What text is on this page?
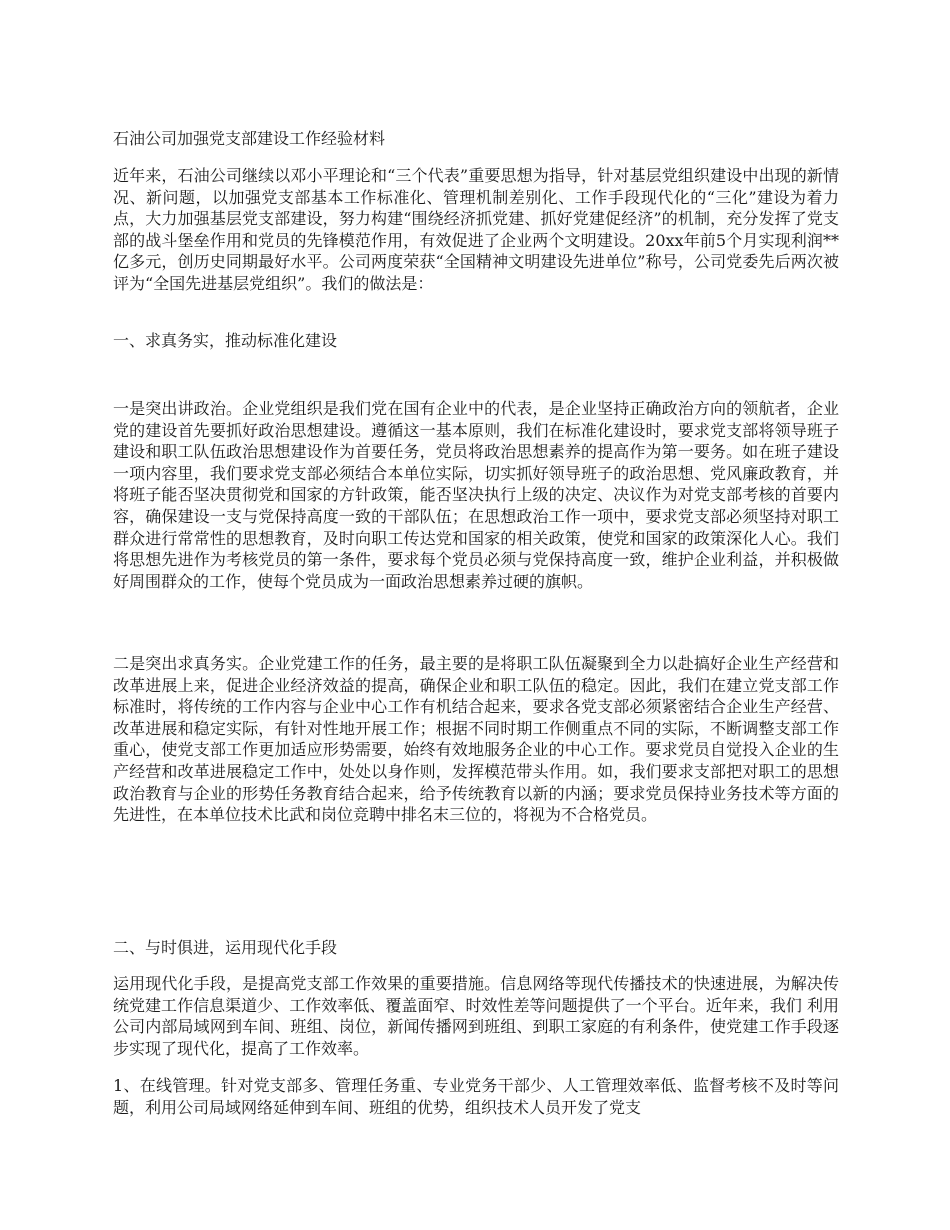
石油公司加强党支部建设工作经验材料
近年来，石油公司继续以邓小平理论和“三个代表”重要思想为指导，针对基层党组织建设中出现的新情况、新问题，以加强党支部基本工作标准化、管理机制差别化、工作手段现代化的“三化”建设为着力点，大力加强基层党支部建设，努力构建“围绕经济抓党建、抓好党建促经济”的机制，充分发挥了党支部的战斗堡垒作用和党员的先锋模范作用，有效促进了企业两个文明建设。20xx年前5个月实现利润**亿多元，创历史同期最好水平。公司两度荣获“全国精神文明建设先进单位”称号，公司党委先后两次被评为“全国先进基层党组织”。我们的做法是：
一、求真务实，推动标准化建设
一是突出讲政治。企业党组织是我们党在国有企业中的代表，是企业坚持正确政治方向的领航者，企业党的建设首先要抓好政治思想建设。遵循这一基本原则，我们在标准化建设时，要求党支部将领导班子建设和职工队伍政治思想建设作为首要任务，党员将政治思想素养的提高作为第一要务。如在班子建设一项内容里，我们要求党支部必须结合本单位实际，切实抓好领导班子的政治思想、党风廉政教育，并将班子能否坚决贯彻党和国家的方针政策，能否坚决执行上级的决定、决议作为对党支部考核的首要内容，确保建设一支与党保持高度一致的干部队伍；在思想政治工作一项中，要求党支部必须坚持对职工群众进行常常性的思想教育，及时向职工传达党和国家的相关政策，使党和国家的政策深化人心。我们将思想先进作为考核党员的第一条件，要求每个党员必须与党保持高度一致，维护企业利益，并积极做好周围群众的工作，使每个党员成为一面政治思想素养过硬的旗帜。
二是突出求真务实。企业党建工作的任务，最主要的是将职工队伍凝聚到全力以赴搞好企业生产经营和改革进展上来，促进企业经济效益的提高，确保企业和职工队伍的稳定。因此，我们在建立党支部工作标准时，将传统的工作内容与企业中心工作有机结合起来，要求各党支部必须紧密结合企业生产经营、改革进展和稳定实际，有针对性地开展工作；根据不同时期工作侧重点不同的实际，不断调整支部工作重心，使党支部工作更加适应形势需要，始终有效地服务企业的中心工作。要求党员自觉投入企业的生产经营和改革进展稳定工作中，处处以身作则，发挥模范带头作用。如，我们要求支部把对职工的思想政治教育与企业的形势任务教育结合起来，给予传统教育以新的内涵；要求党员保持业务技术等方面的先进性，在本单位技术比武和岗位竞聘中排名末三位的，将视为不合格党员。
二、与时俱进，运用现代化手段
运用现代化手段，是提高党支部工作效果的重要措施。信息网络等现代传播技术的快速进展，为解决传统党建工作信息渠道少、工作效率低、覆盖面窄、时效性差等问题提供了一个平台。近年来，我们 利用公司内部局域网到车间、班组、岗位，新闻传播网到班组、到职工家庭的有利条件，使党建工作手段逐步实现了现代化，提高了工作效率。
1、在线管理。针对党支部多、管理任务重、专业党务干部少、人工管理效率低、监督考核不及时等问题，利用公司局域网络延伸到车间、班组的优势，组织技术人员开发了党支
